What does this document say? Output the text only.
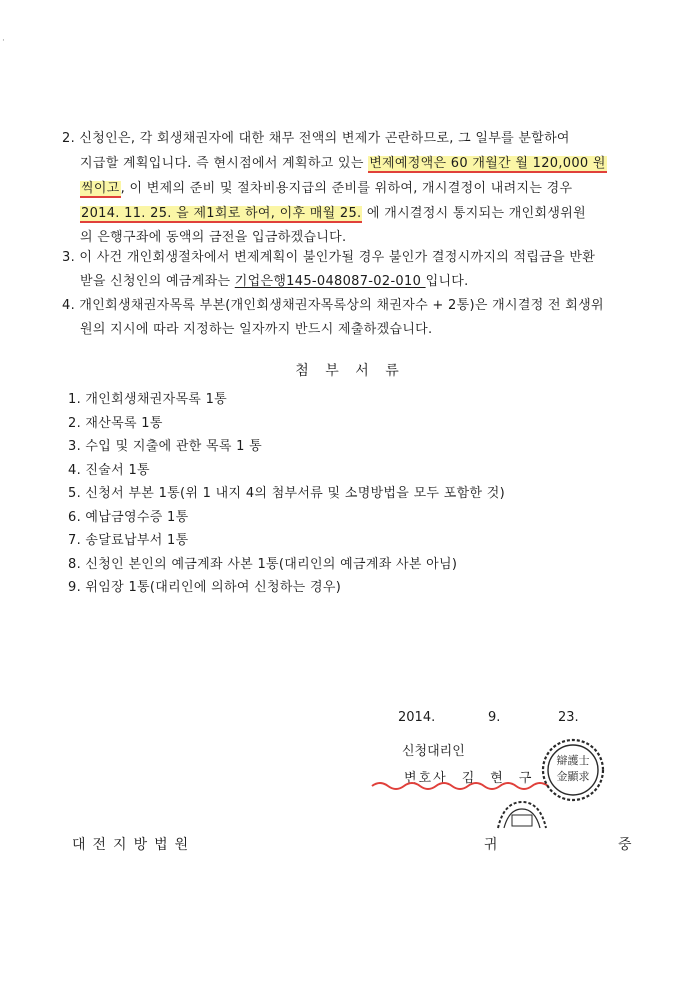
·
2. 신청인은, 각 회생채권자에 대한 채무 전액의 변제가 곤란하므로, 그 일부를 분할하여
지급할 계획입니다. 즉 현시점에서 계획하고 있는 변제예정액은 60 개월간 월 120,000 원
씩이고, 이 변제의 준비 및 절차비용지급의 준비를 위하여, 개시결정이 내려지는 경우
2014. 11. 25. 을 제1회로 하여, 이후 매월 25. 에 개시결정시 통지되는 개인회생위원
의 은행구좌에 동액의 금전을 입금하겠습니다.
3. 이 사건 개인회생절차에서 변제계획이 불인가될 경우 불인가 결정시까지의 적립금을 반환
받을 신청인의 예금계좌는 기업은행145-048087-02-010 입니다.
4. 개인회생채권자목록 부본(개인회생채권자목록상의 채권자수 + 2통)은 개시결정 전 회생위
원의 지시에 따라 지정하는 일자까지 반드시 제출하겠습니다.
첨 부 서 류
1. 개인회생채권자목록 1통
2. 재산목록 1통
3. 수입 및 지출에 관한 목록 1 통
4. 진술서 1통
5. 신청서 부본 1통(위 1 내지 4의 첨부서류 및 소명방법을 모두 포함한 것)
6. 예납금영수증 1통
7. 송달료납부서 1통
8. 신청인 본인의 예금계좌 사본 1통(대리인의 예금계좌 사본 아님)
9. 위임장 1통(대리인에 의하여 신청하는 경우)
2014.	9.	23.
신청대리인
변호사 김 현 구
辯護士
金顯求
대전지방법원	귀	중
